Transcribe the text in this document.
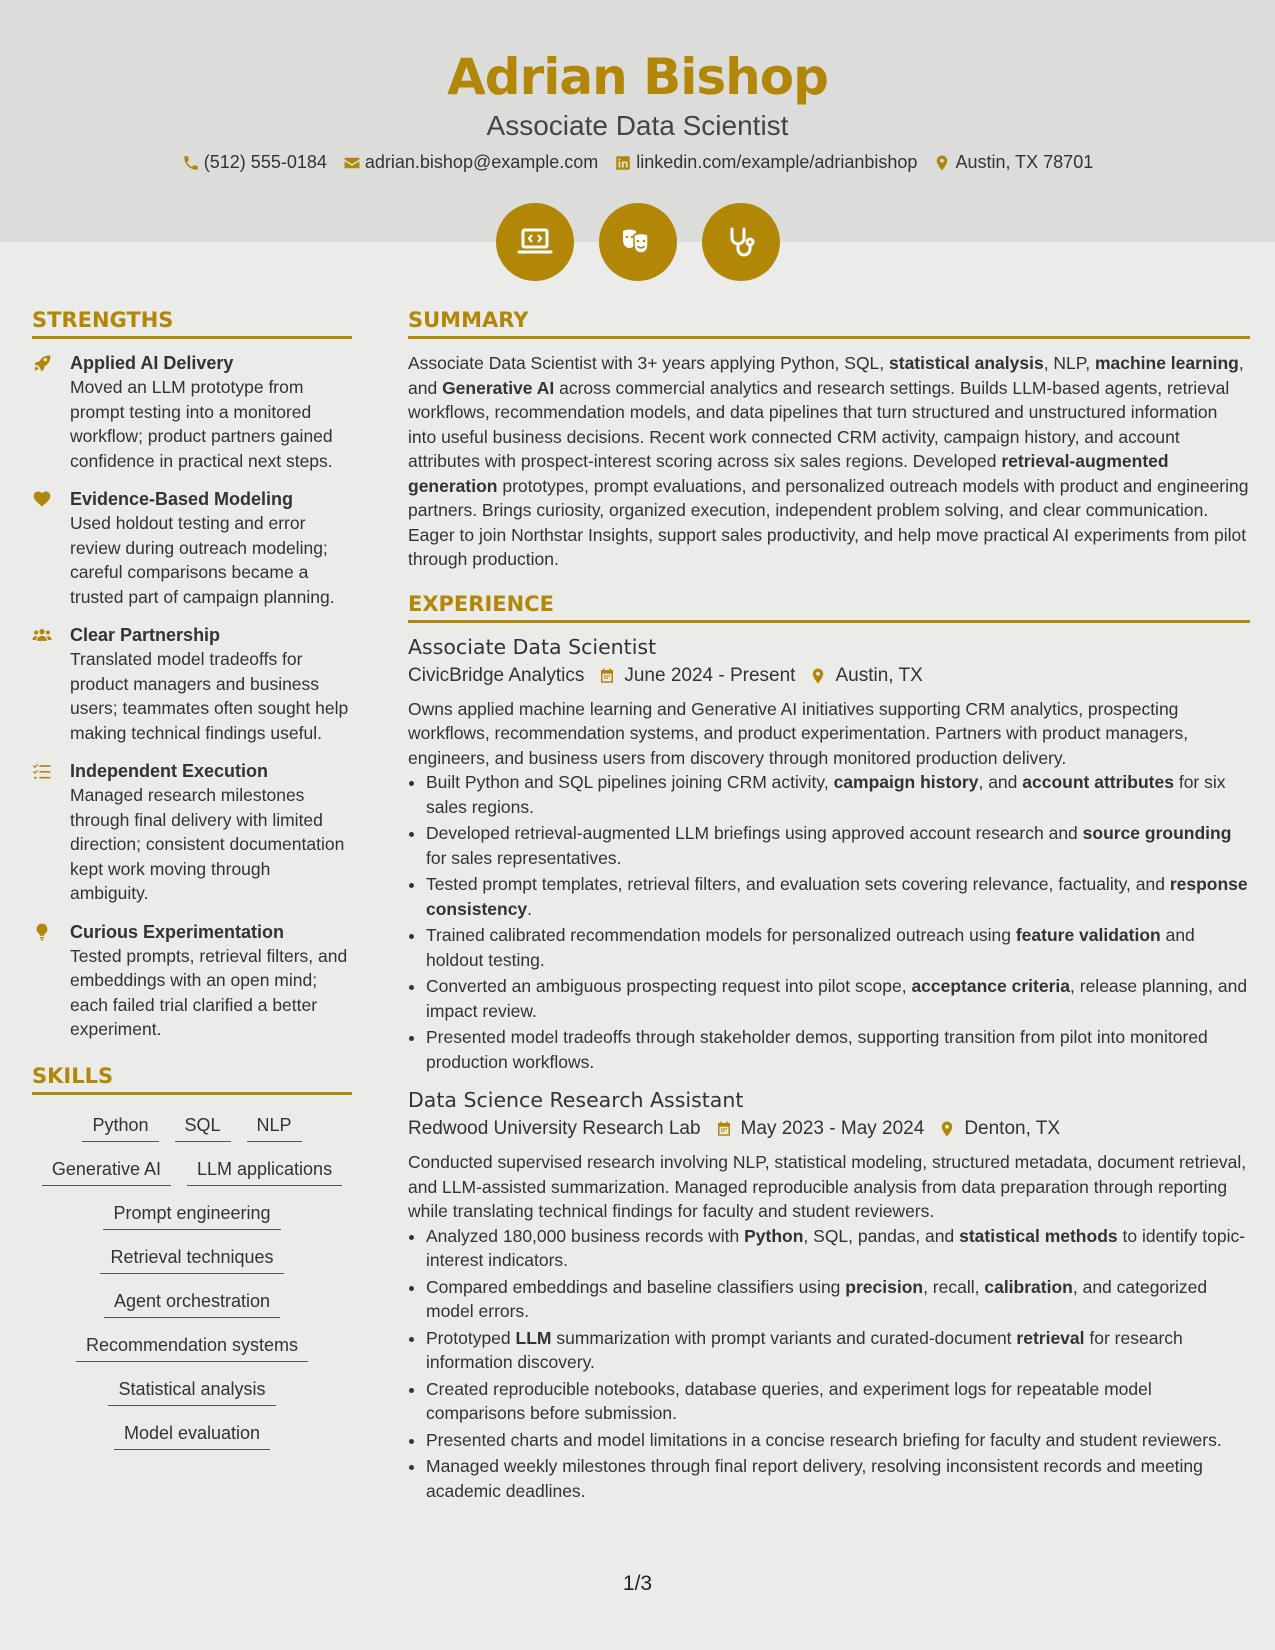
Adrian Bishop
Associate Data Scientist
(512) 555-0184 adrian.bishop@example.com linkedin.com/example/adrianbishop Austin, TX 78701
STRENGTHS
Applied AI Delivery
Moved an LLM prototype from prompt testing into a monitored workflow; product partners gained confidence in practical next steps.
Evidence-Based Modeling
Used holdout testing and error review during outreach modeling; careful comparisons became a trusted part of campaign planning.
Clear Partnership
Translated model tradeoffs for product managers and business users; teammates often sought help making technical findings useful.
Independent Execution
Managed research milestones through final delivery with limited direction; consistent documentation kept work moving through ambiguity.
Curious Experimentation
Tested prompts, retrieval filters, and embeddings with an open mind; each failed trial clarified a better experiment.
SKILLS
Python	SQL	NLP
Generative AI	LLM applications
Prompt engineering
Retrieval techniques
Agent orchestration
Recommendation systems
Statistical analysis
Model evaluation
SUMMARY
Associate Data Scientist with 3+ years applying Python, SQL, statistical analysis, NLP, machine learning, and Generative AI across commercial analytics and research settings. Builds LLM-based agents, retrieval workflows, recommendation models, and data pipelines that turn structured and unstructured information into useful business decisions. Recent work connected CRM activity, campaign history, and account attributes with prospect-interest scoring across six sales regions. Developed retrieval-augmented generation prototypes, prompt evaluations, and personalized outreach models with product and engineering partners. Brings curiosity, organized execution, independent problem solving, and clear communication. Eager to join Northstar Insights, support sales productivity, and help move practical AI experiments from pilot through production.
EXPERIENCE
Associate Data Scientist
CivicBridge Analytics June 2024 - Present Austin, TX
Owns applied machine learning and Generative AI initiatives supporting CRM analytics, prospecting workflows, recommendation systems, and product experimentation. Partners with product managers, engineers, and business users from discovery through monitored production delivery.
• Built Python and SQL pipelines joining CRM activity, campaign history, and account attributes for six sales regions.
• Developed retrieval-augmented LLM briefings using approved account research and source grounding for sales representatives.
• Tested prompt templates, retrieval filters, and evaluation sets covering relevance, factuality, and response consistency.
• Trained calibrated recommendation models for personalized outreach using feature validation and holdout testing.
• Converted an ambiguous prospecting request into pilot scope, acceptance criteria, release planning, and impact review.
• Presented model tradeoffs through stakeholder demos, supporting transition from pilot into monitored production workflows.
Data Science Research Assistant
Redwood University Research Lab May 2023 - May 2024 Denton, TX
Conducted supervised research involving NLP, statistical modeling, structured metadata, document retrieval, and LLM-assisted summarization. Managed reproducible analysis from data preparation through reporting while translating technical findings for faculty and student reviewers.
• Analyzed 180,000 business records with Python, SQL, pandas, and statistical methods to identify topic-interest indicators.
• Compared embeddings and baseline classifiers using precision, recall, calibration, and categorized model errors.
• Prototyped LLM summarization with prompt variants and curated-document retrieval for research information discovery.
• Created reproducible notebooks, database queries, and experiment logs for repeatable model comparisons before submission.
• Presented charts and model limitations in a concise research briefing for faculty and student reviewers.
• Managed weekly milestones through final report delivery, resolving inconsistent records and meeting academic deadlines.
1/3
